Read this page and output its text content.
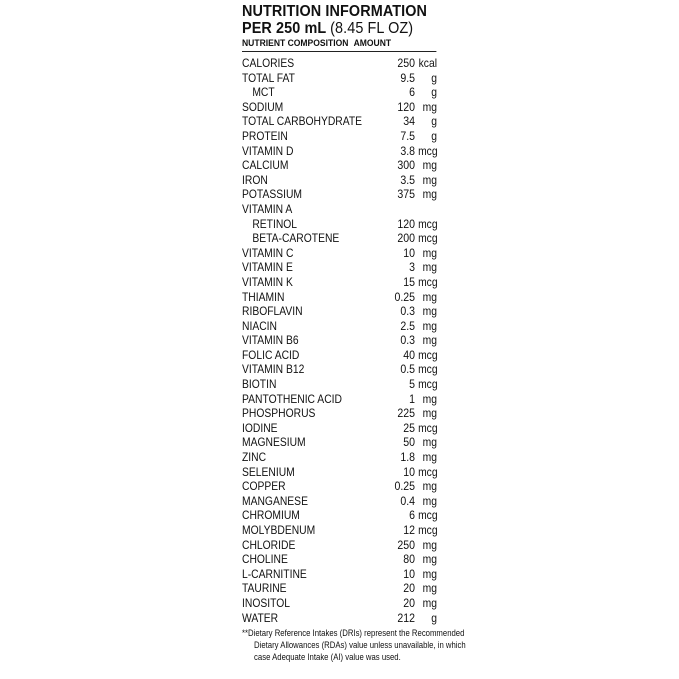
NUTRITION INFORMATION
PER 250 mL (8.45 FL OZ)
NUTRIENT COMPOSITION AMOUNT
CALORIES	250 kcal
TOTAL FAT	9.5	g
MCT	6	g
SODIUM	120 mg
TOTAL CARBOHYDRATE	34	g
PROTEIN	7.5	g
VITAMIN D	3.8 mcg
CALCIUM	300 mg
IRON	3.5 mg
POTASSIUM	375 mg
VITAMIN A
RETINOL	120 mcg
BETA-CAROTENE	200 mcg
VITAMIN C	10 mg
VITAMIN E	3 mg
VITAMIN K	15 mcg
THIAMIN	0.25 mg
RIBOFLAVIN	0.3 mg
NIACIN	2.5 mg
VITAMIN B6	0.3 mg
FOLIC ACID	40 mcg
VITAMIN B12	0.5 mcg
BIOTIN	5 mcg
PANTOTHENIC ACID	1 mg
PHOSPHORUS	225 mg
IODINE	25 mcg
MAGNESIUM	50 mg
ZINC	1.8 mg
SELENIUM	10 mcg
COPPER	0.25 mg
MANGANESE	0.4 mg
CHROMIUM	6 mcg
MOLYBDENUM	12 mcg
CHLORIDE	250 mg
CHOLINE	80 mg
L-CARNITINE	10 mg
TAURINE	20 mg
INOSITOL	20 mg
WATER	212	g
**Dietary Reference Intakes (DRIs) represent the Recommended
Dietary Allowances (RDAs) value unless unavailable, in which
case Adequate Intake (AI) value was used.
